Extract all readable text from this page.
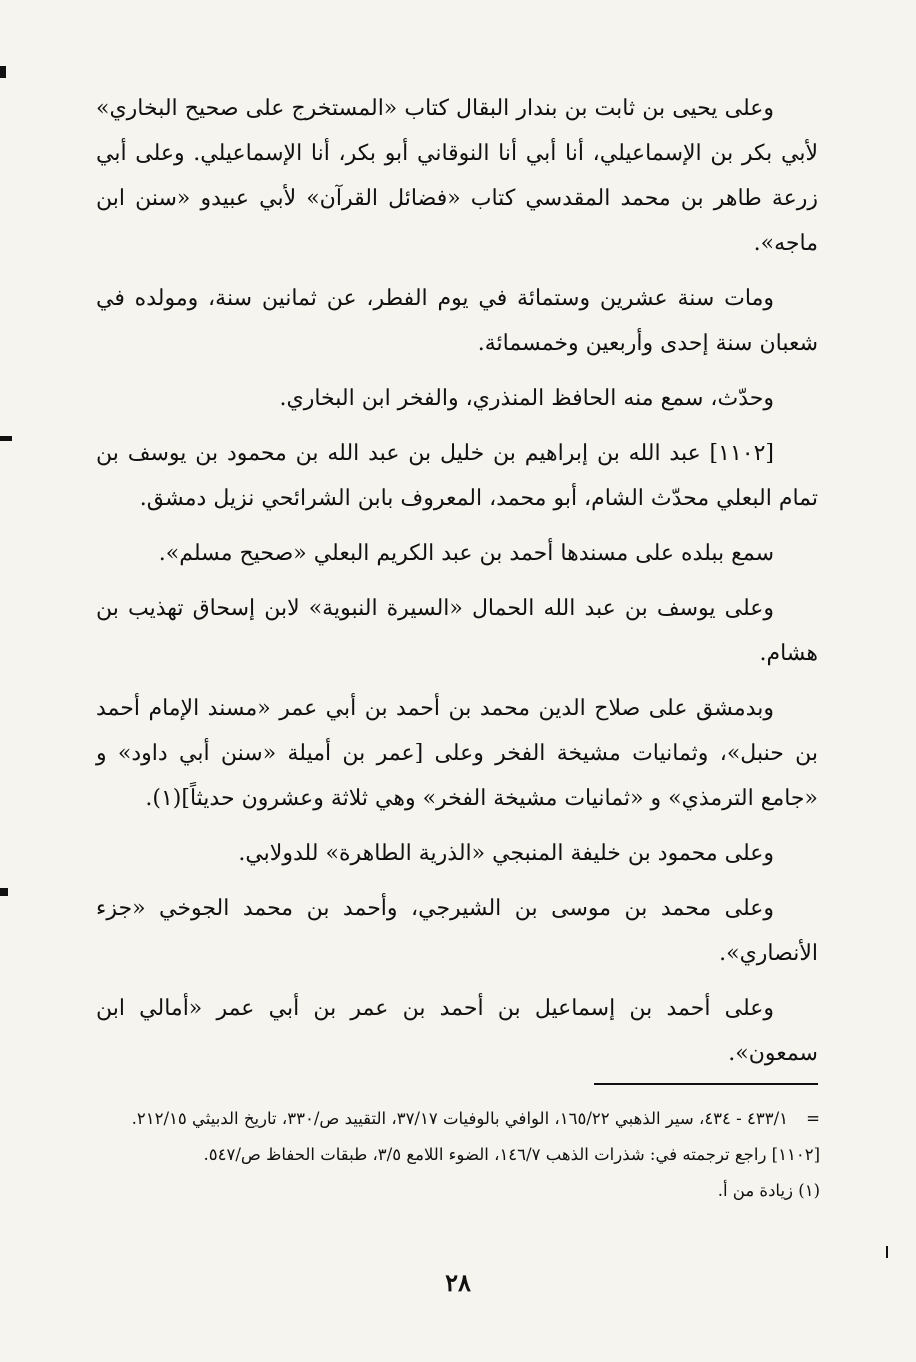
وعلى يحيى بن ثابت بن بندار البقال كتاب «المستخرج على صحيح البخاري» لأبي بكر بن الإسماعيلي، أنا أبي أنا النوقاني أبو بكر، أنا الإسماعيلي. وعلى أبي زرعة طاهر بن محمد المقدسي كتاب «فضائل القرآن» لأبي عبيدو «سنن ابن ماجه».

ومات سنة عشرين وستمائة في يوم الفطر، عن ثمانين سنة، ومولده في شعبان سنة إحدى وأربعين وخمسمائة.

وحدّث، سمع منه الحافظ المنذري، والفخر ابن البخاري.

[١١٠٢] عبد الله بن إبراهيم بن خليل بن عبد الله بن محمود بن يوسف بن تمام البعلي محدّث الشام، أبو محمد، المعروف بابن الشرائحي نزيل دمشق.

سمع ببلده على مسندها أحمد بن عبد الكريم البعلي «صحيح مسلم».

وعلى يوسف بن عبد الله الحمال «السيرة النبوية» لابن إسحاق تهذيب بن هشام.

وبدمشق على صلاح الدين محمد بن أحمد بن أبي عمر «مسند الإمام أحمد بن حنبل»، وثمانيات مشيخة الفخر وعلى [عمر بن أميلة «سنن أبي داود» و «جامع الترمذي» و «ثمانيات مشيخة الفخر» وهي ثلاثة وعشرون حديثاً](١).

وعلى محمود بن خليفة المنبجي «الذرية الطاهرة» للدولابي.

وعلى محمد بن موسى بن الشيرجي، وأحمد بن محمد الجوخي «جزء الأنصاري».

وعلى أحمد بن إسماعيل بن أحمد بن عمر بن أبي عمر «أمالي ابن سمعون».

=٤٣٣/١ - ٤٣٤، سير الذهبي ١٦٥/٢٢، الوافي بالوفيات ٣٧/١٧، التقييد ص/٣٣٠، تاريخ الدبيثي ٢١٢/١٥.

[١١٠٢] راجع ترجمته في: شذرات الذهب ١٤٦/٧، الضوء اللامع ٣/٥، طبقات الحفاظ ص/٥٤٧.

(١) زيادة من أ.

٢٨
